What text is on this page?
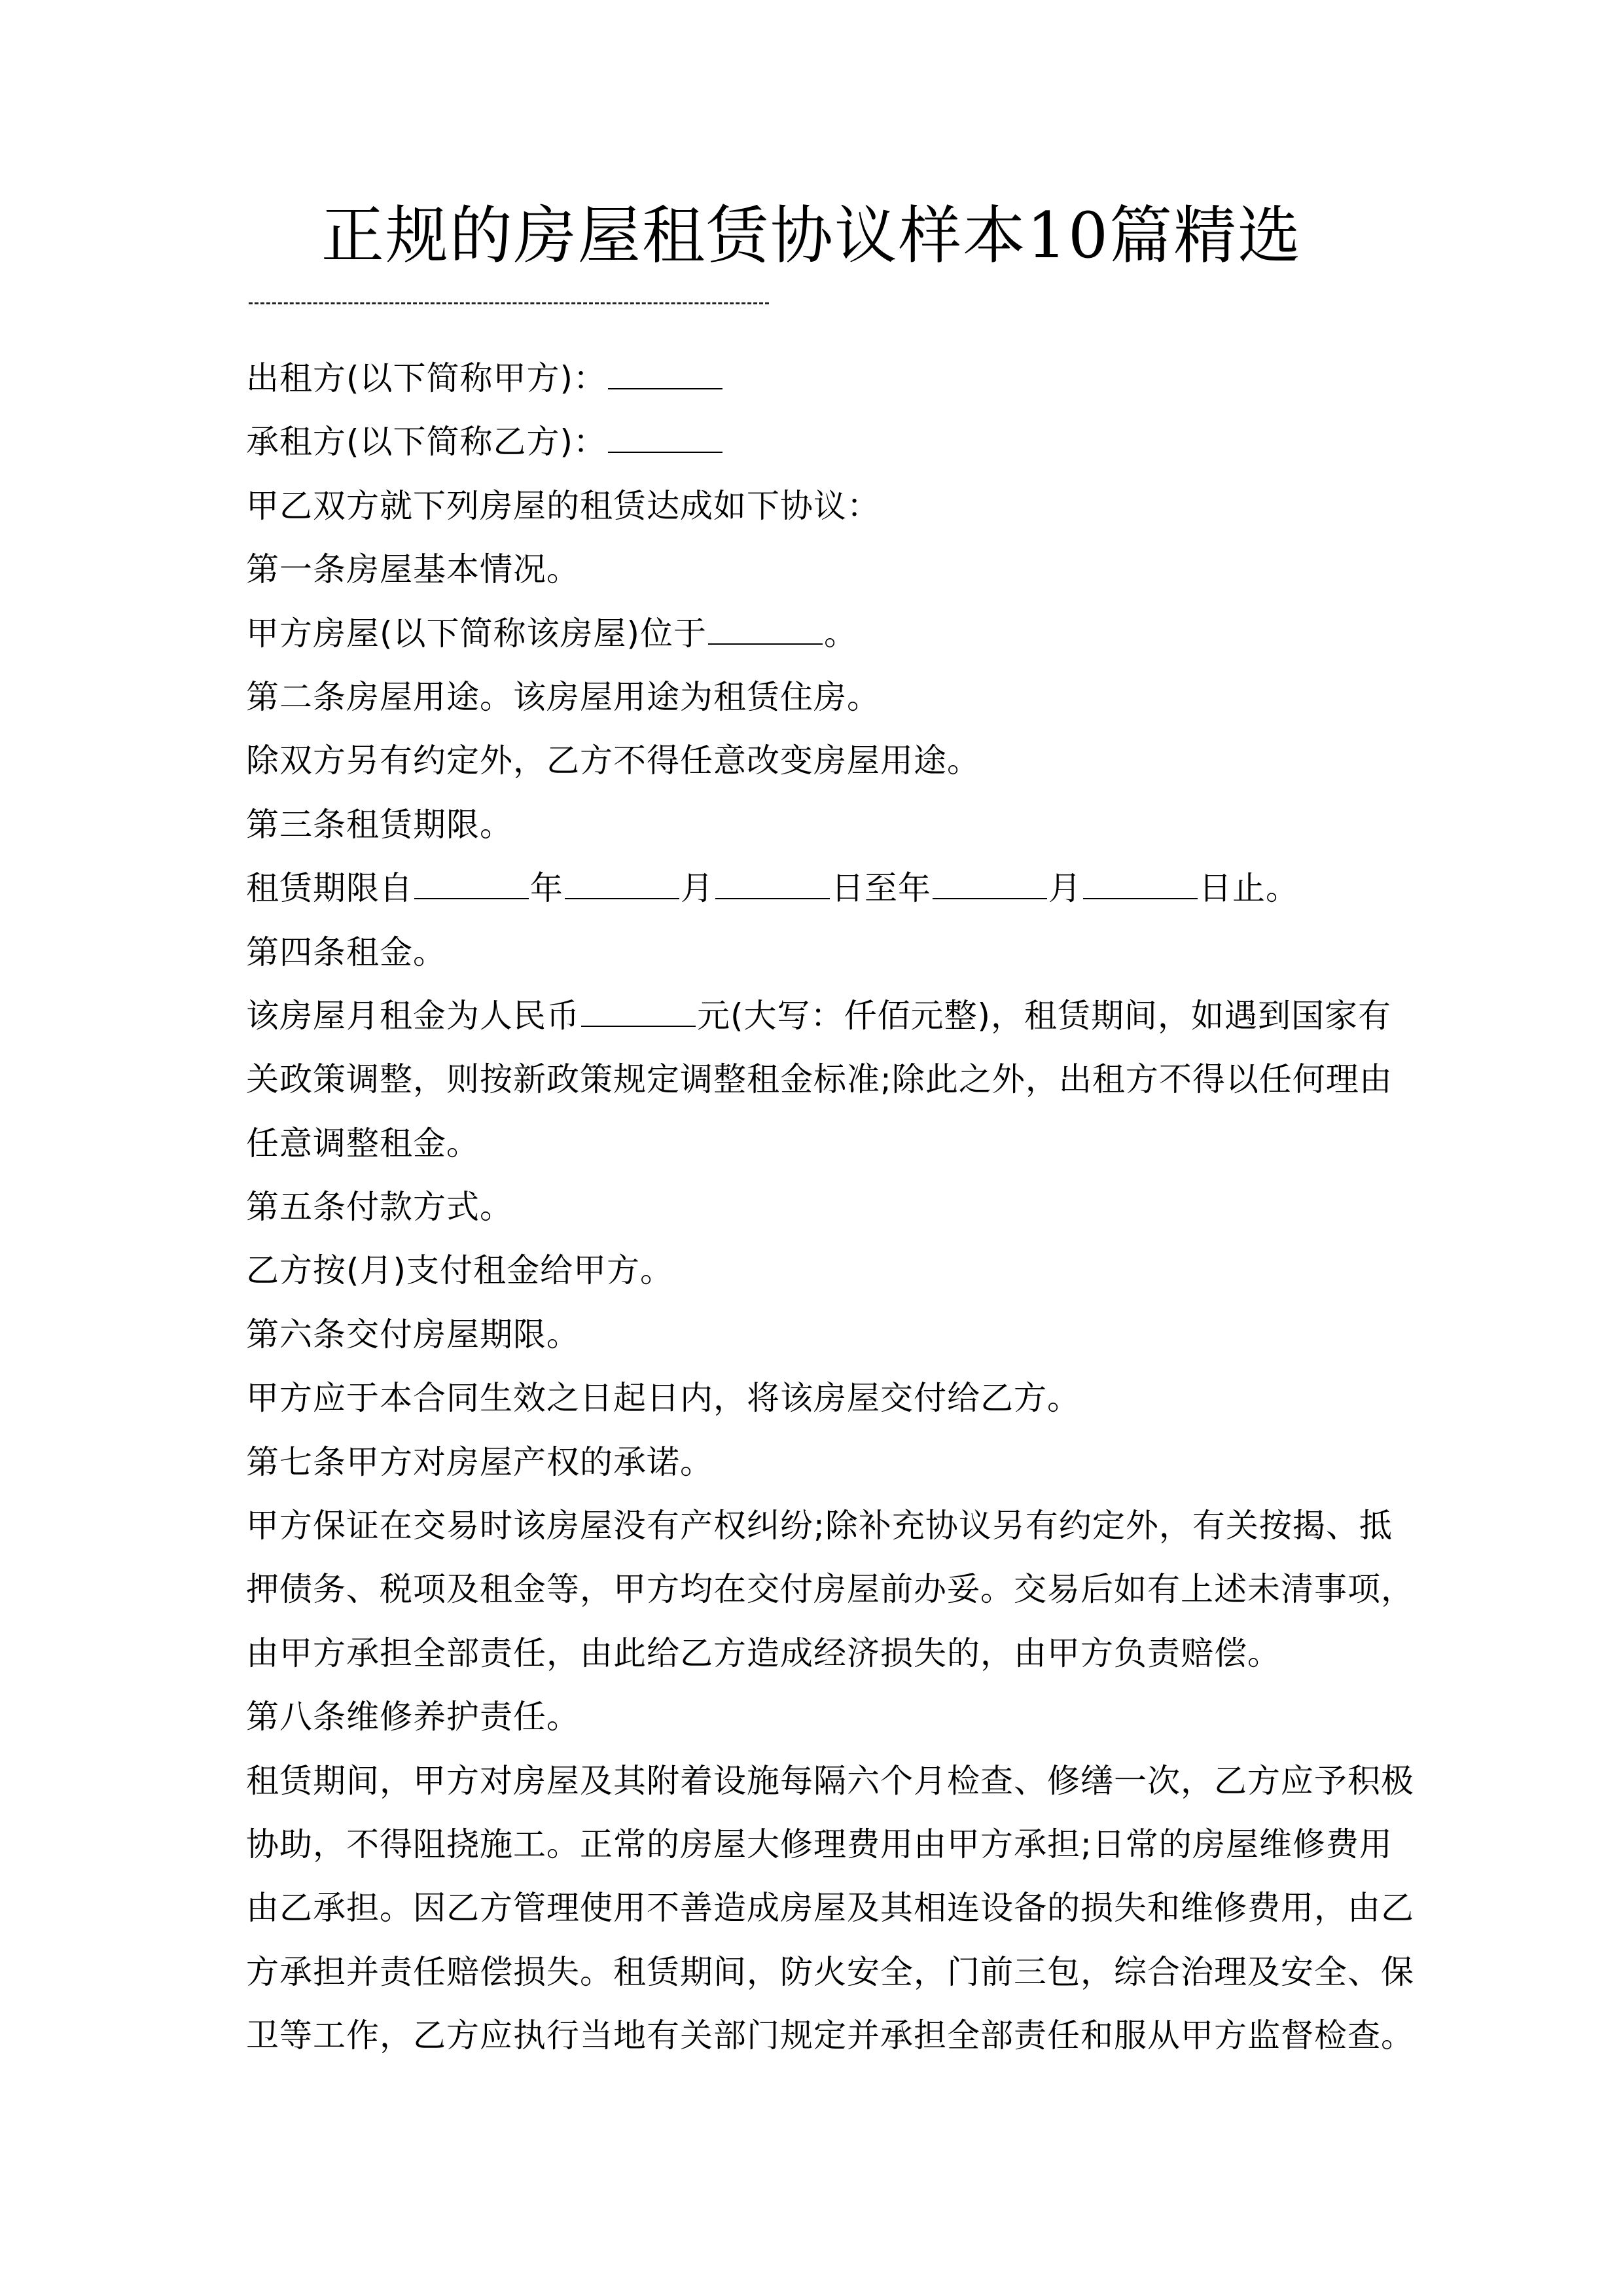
正规的房屋租赁协议样本10篇精选
出租方(以下简称甲方)：
承租方(以下简称乙方)：
甲乙双方就下列房屋的租赁达成如下协议：
第一条房屋基本情况。
甲方房屋(以下简称该房屋)位于	。
第二条房屋用途。该房屋用途为租赁住房。
除双方另有约定外，乙方不得任意改变房屋用途。
第三条租赁期限。
租赁期限自	年	月	日至年	月	日止。
第四条租金。
该房屋月租金为人民币	元(大写：仟佰元整)，租赁期间，如遇到国家有
关政策调整，则按新政策规定调整租金标准;除此之外，出租方不得以任何理由
任意调整租金。
第五条付款方式。
乙方按(月)支付租金给甲方。
第六条交付房屋期限。
甲方应于本合同生效之日起日内，将该房屋交付给乙方。
第七条甲方对房屋产权的承诺。
甲方保证在交易时该房屋没有产权纠纷;除补充协议另有约定外，有关按揭、抵
押债务、税项及租金等，甲方均在交付房屋前办妥。交易后如有上述未清事项，
由甲方承担全部责任，由此给乙方造成经济损失的，由甲方负责赔偿。
第八条维修养护责任。
租赁期间，甲方对房屋及其附着设施每隔六个月检查、修缮一次，乙方应予积极
协助，不得阻挠施工。正常的房屋大修理费用由甲方承担;日常的房屋维修费用
由乙承担。因乙方管理使用不善造成房屋及其相连设备的损失和维修费用，由乙
方承担并责任赔偿损失。租赁期间，防火安全，门前三包，综合治理及安全、保
卫等工作，乙方应执行当地有关部门规定并承担全部责任和服从甲方监督检查。
